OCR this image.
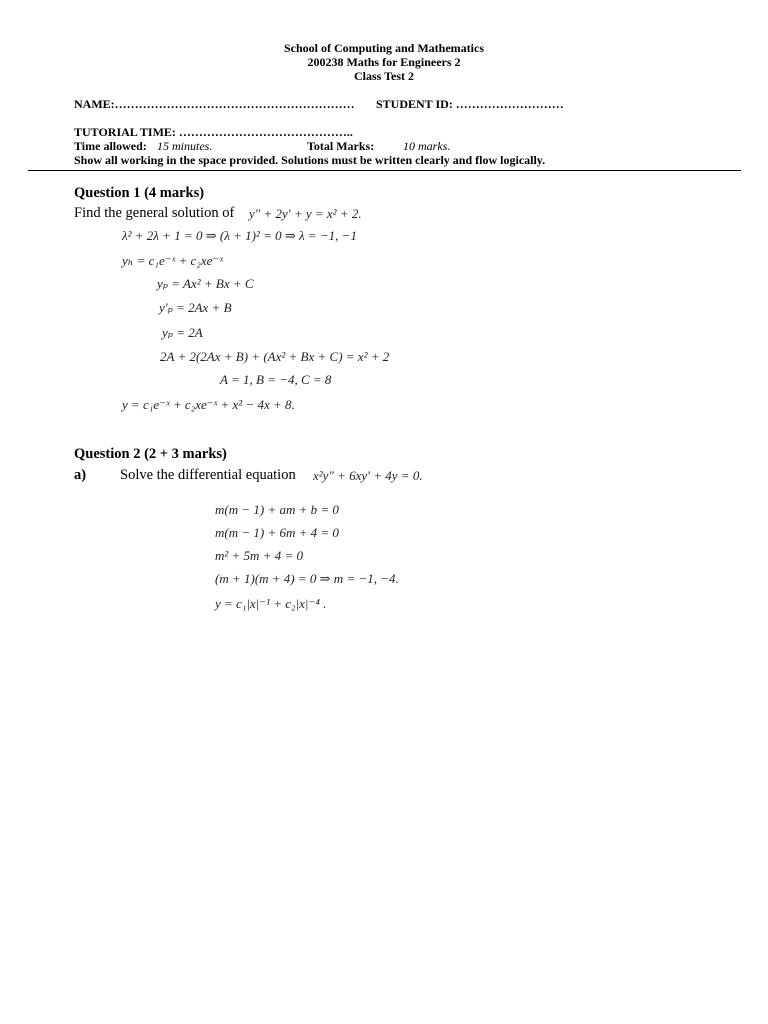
School of Computing and Mathematics
200238 Maths for Engineers 2
Class Test 2
NAME:…………………………………………………… STUDENT ID: ………………………
TUTORIAL TIME: ……………………………………..
Time allowed: 15 minutes.	Total Marks: 10 marks.
Show all working in the space provided. Solutions must be written clearly and flow logically.
Question 1 (4 marks)
Find the general solution of y″ + 2y′ + y = x² + 2.
λ² + 2λ + 1 = 0 ⇒ (λ + 1)² = 0 ⇒ λ = −1, −1
yₕ = c₁e⁻ˣ + c₂xe⁻ˣ
yₚ = Ax² + Bx + C
y′ₚ = 2Ax + B
yₚ = 2A
2A + 2(2Ax + B) + (Ax² + Bx + C) = x² + 2
A = 1, B = −4, C = 8
y = c₁e⁻ˣ + c₂xe⁻ˣ + x² − 4x + 8.
Question 2 (2 + 3 marks)
a) Solve the differential equation x²y″ + 6xy′ + 4y = 0.
m(m − 1) + am + b = 0
m(m − 1) + 6m + 4 = 0
m² + 5m + 4 = 0
(m + 1)(m + 4) = 0 ⇒ m = −1, −4.
y = c₁|x|⁻¹ + c₂|x|⁻⁴ .
